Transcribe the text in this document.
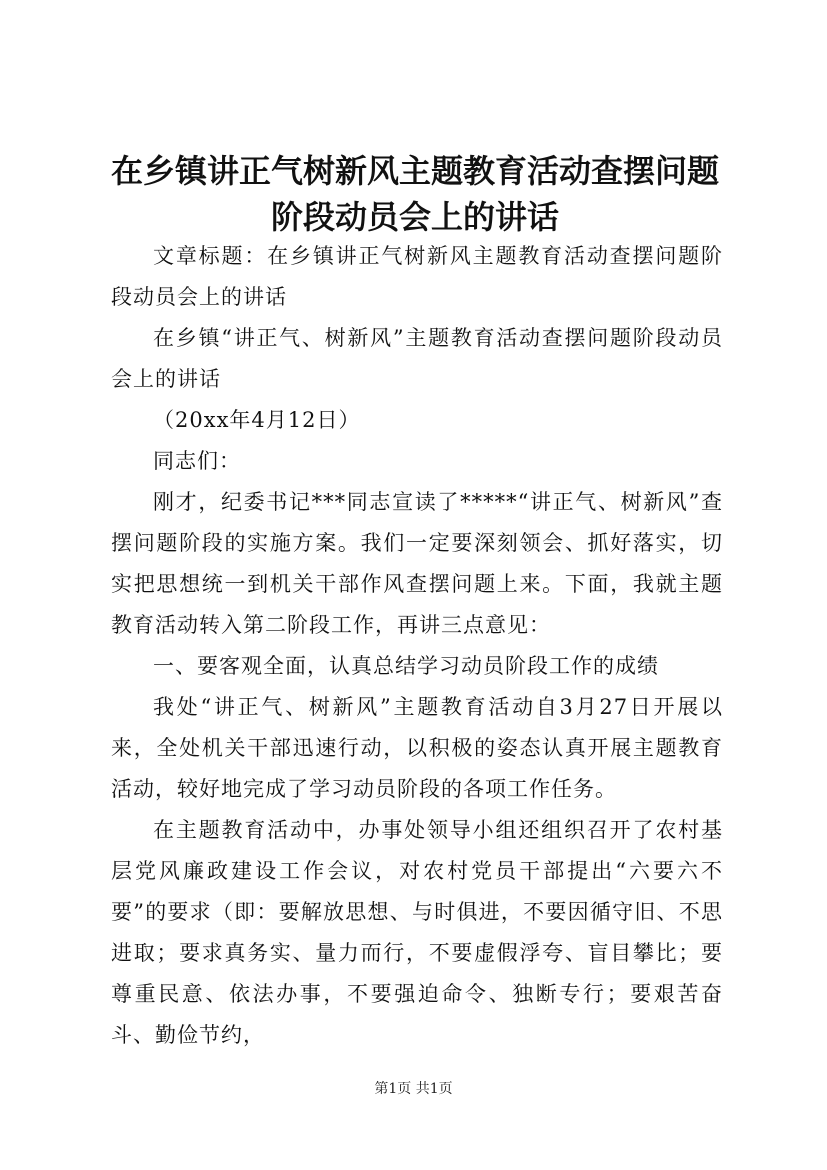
在乡镇讲正气树新风主题教育活动查摆问题阶段动员会上的讲话

文章标题：在乡镇讲正气树新风主题教育活动查摆问题阶段动员会上的讲话

在乡镇“讲正气、树新风”主题教育活动查摆问题阶段动员会上的讲话

（20xx年4月12日）

同志们：

刚才，纪委书记***同志宣读了*****“讲正气、树新风”查摆问题阶段的实施方案。我们一定要深刻领会、抓好落实，切实把思想统一到机关干部作风查摆问题上来。下面，我就主题教育活动转入第二阶段工作，再讲三点意见：

一、要客观全面，认真总结学习动员阶段工作的成绩

我处“讲正气、树新风”主题教育活动自3月27日开展以来，全处机关干部迅速行动，以积极的姿态认真开展主题教育活动，较好地完成了学习动员阶段的各项工作任务。

在主题教育活动中，办事处领导小组还组织召开了农村基层党风廉政建设工作会议，对农村党员干部提出“六要六不要”的要求（即：要解放思想、与时俱进，不要因循守旧、不思进取；要求真务实、量力而行，不要虚假浮夸、盲目攀比；要尊重民意、依法办事，不要强迫命令、独断专行；要艰苦奋斗、勤俭节约，

第1页 共1页
